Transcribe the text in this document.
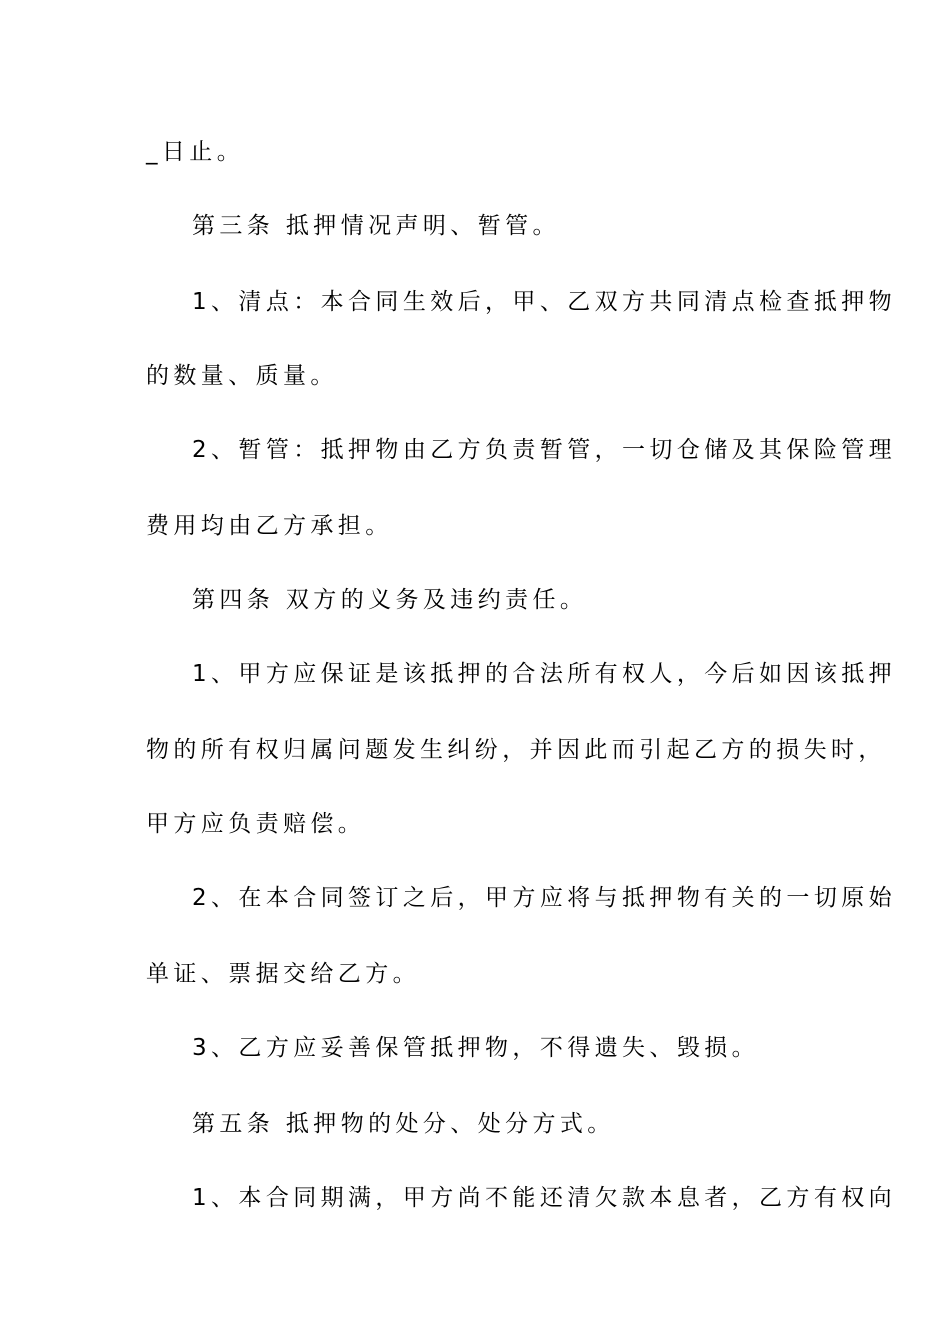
_日止。
第三条 抵押情况声明、暂管。
1、清点：本合同生效后，甲、乙双方共同清点检查抵押物
的数量、质量。
2、暂管：抵押物由乙方负责暂管，一切仓储及其保险管理
费用均由乙方承担。
第四条 双方的义务及违约责任。
1、甲方应保证是该抵押的合法所有权人，今后如因该抵押
物的所有权归属问题发生纠纷，并因此而引起乙方的损失时，
甲方应负责赔偿。
2、在本合同签订之后，甲方应将与抵押物有关的一切原始
单证、票据交给乙方。
3、乙方应妥善保管抵押物，不得遗失、毁损。
第五条 抵押物的处分、处分方式。
1、本合同期满，甲方尚不能还清欠款本息者，乙方有权向
